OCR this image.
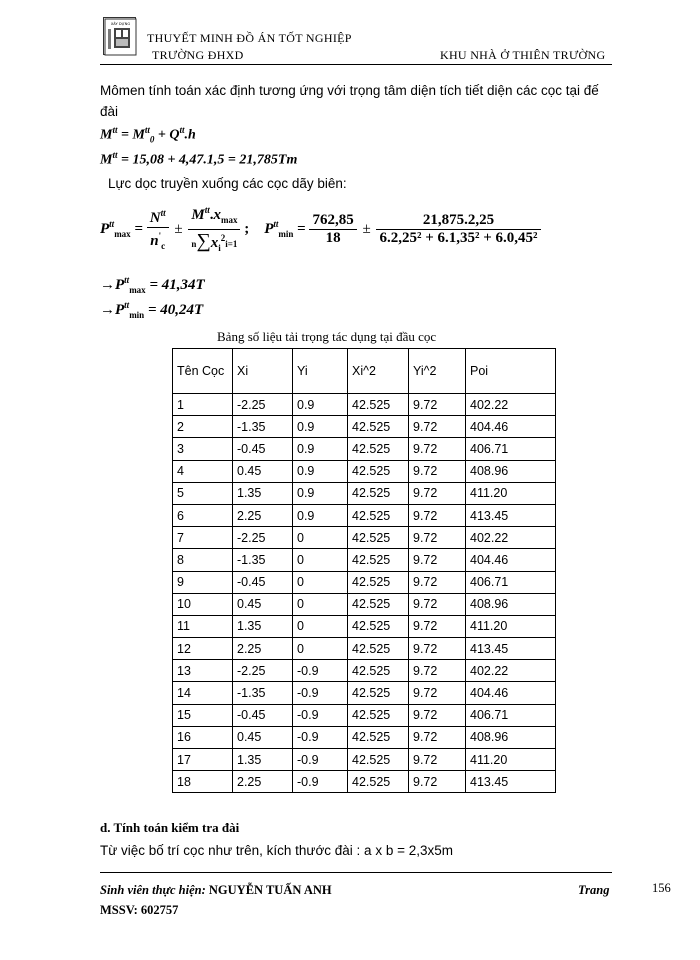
XÂY DỰNG
THUYẾT MINH ĐỒ ÁN TỐT NGHIỆP
TRƯỜNG ĐHXD	KHU NHÀ Ở THIÊN TRƯỜNG
Mômen tính toán xác định tương ứng với trọng tâm diện tích tiết diện các cọc tại đế đài
$M^{tt} = M^{tt}_0 + Q^{tt}.h$
$M^{tt} = 15,08 + 4,47.1,5 = 21,785Tm$
Lực dọc truyền xuống các cọc dãy biên:
$P^{tt}_{max} = \frac{N^{tt}}{n'_c} \pm \frac{M^{tt}.x_{max}}{n\sum x_i^2i=1}$ ; $P^{tt}_{min} = \frac{762,85}{18} \pm \frac{21,875.2,25}{\text{6.2,25² + 6.1,35² + 6.0,45²}}$
$\to P^{tt}_{max} = 41,34T$
$\to P^{tt}_{min} = 40,24T$
Bảng số liệu tải trọng tác dụng tại đầu cọc
Tên Cọc	Xi	Yi	Xi^2	Yi^2	Poi
1	-2.25	0.9	42.525	9.72	402.22
2	-1.35	0.9	42.525	9.72	404.46
3	-0.45	0.9	42.525	9.72	406.71
4	0.45	0.9	42.525	9.72	408.96
5	1.35	0.9	42.525	9.72	411.20
6	2.25	0.9	42.525	9.72	413.45
7	-2.25	0	42.525	9.72	402.22
8	-1.35	0	42.525	9.72	404.46
9	-0.45	0	42.525	9.72	406.71
10	0.45	0	42.525	9.72	408.96
11	1.35	0	42.525	9.72	411.20
12	2.25	0	42.525	9.72	413.45
13	-2.25	-0.9	42.525	9.72	402.22
14	-1.35	-0.9	42.525	9.72	404.46
15	-0.45	-0.9	42.525	9.72	406.71
16	0.45	-0.9	42.525	9.72	408.96
17	1.35	-0.9	42.525	9.72	411.20
18	2.25	-0.9	42.525	9.72	413.45
d. Tính toán kiểm tra đài
Từ việc bố trí cọc như trên, kích thước đài : a x b = 2,3x5m
Sinh viên thực hiện: NGUYỄN TUẤN ANH	Trang	156
MSSV: 602757
